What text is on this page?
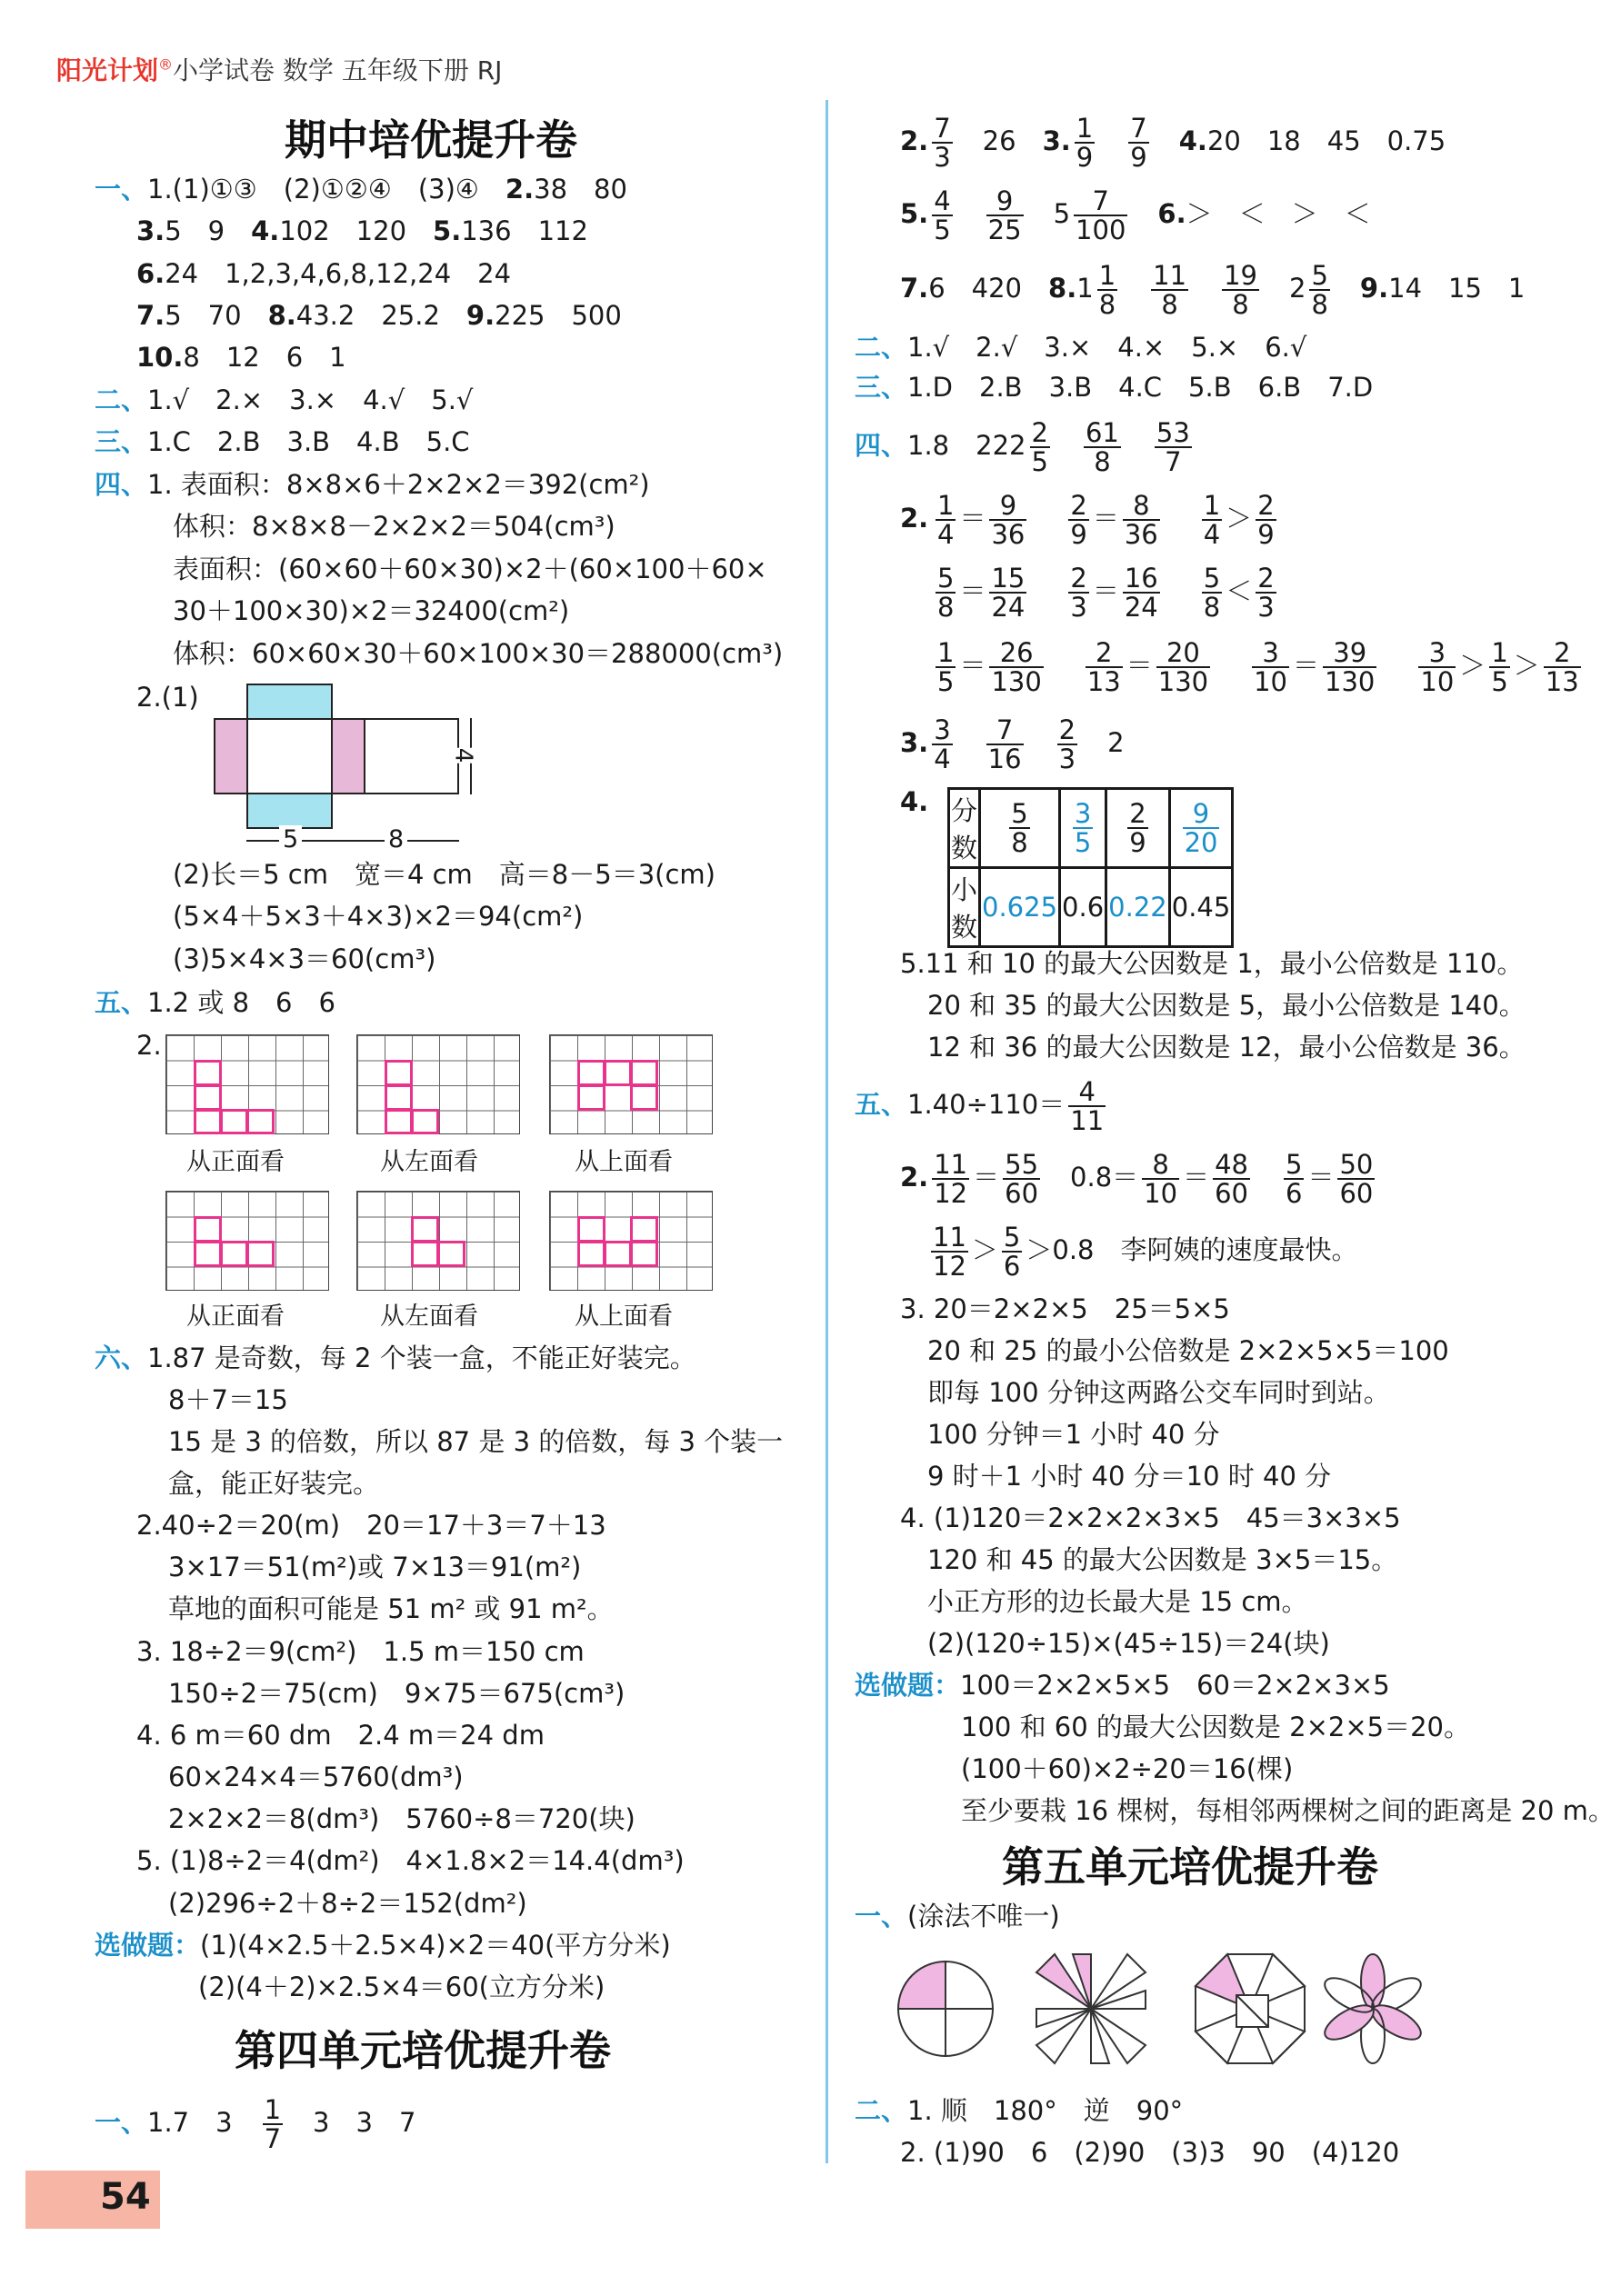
阳光计划®小学试卷 数学 五年级下册 RJ
期中培优提升卷
一、1.(1)①③　(2)①②④　(3)④　2.38　80
3.5　9　4.102　120　5.136　112
6.24　1,2,3,4,6,8,12,24　24
7.5　70　8.43.2　25.2　9.225　500
10.8　12　6　1
二、1.√　2.×　3.×　4.√　5.√
三、1.C　2.B　3.B　4.B　5.C
四、1. 表面积：8×8×6＋2×2×2＝392(cm²)
体积：8×8×8－2×2×2＝504(cm³)
表面积：(60×60＋60×30)×2＋(60×100＋60×
30＋100×30)×2＝32400(cm²)
体积：60×60×30＋60×100×30＝288000(cm³)
2.(1)
4
5	8
(2)长＝5 cm　宽＝4 cm　高＝8－5＝3(cm)
(5×4＋5×3＋4×3)×2＝94(cm²)
(3)5×4×3＝60(cm³)
五、1.2 或 8　6　6
2.
从正面看	从左面看	从上面看
从正面看	从左面看	从上面看
六、1.87 是奇数，每 2 个装一盒，不能正好装完。
8＋7＝15
15 是 3 的倍数，所以 87 是 3 的倍数，每 3 个装一
盒，能正好装完。
2.40÷2＝20(m)　20＝17＋3＝7＋13
3×17＝51(m²)或 7×13＝91(m²)
草地的面积可能是 51 m² 或 91 m²。
3. 18÷2＝9(cm²)　1.5 m＝150 cm
150÷2＝75(cm)　9×75＝675(cm³)
4. 6 m＝60 dm　2.4 m＝24 dm
60×24×4＝5760(dm³)
2×2×2＝8(dm³)　5760÷8＝720(块)
5. (1)8÷2＝4(dm²)　4×1.8×2＝14.4(dm³)
(2)296÷2＋8÷2＝152(dm²)
选做题：(1)(4×2.5＋2.5×4)×2＝40(平方分米)
(2)(4＋2)×2.5×4＝60(立方分米)
第四单元培优提升卷
一、1.7　3　 $\frac{1}{7}$ 　3　3　7
2. $\frac{7}{3}$
　 26　 3. $\frac{1}{9}$
　 $\frac{7}{9}$
　 4.20　18　45　0.75
5. $\frac{4}{5}$
　 $\frac{9}{25}$
　 $5 \frac{7}{100}$
　 6.＞　＜　＞　＜
7.6　420　 $8.1 \frac{1}{8}$
　 $\frac{11}{8}$
　 $\frac{19}{8}$
　 $2 \frac{5}{8}$
　 9.14　15　1
二、1.√　2.√　3.×　4.×　5.×　6.√
三、1.D　2.B　3.B　4.C　5.B　6.B　7.D
四、1.8　$222 \frac{2}{5}$
　 $\frac{61}{8}$
　 $\frac{53}{7}$
2. $\frac{1}{4} = \frac{9}{36} \frac{2}{9} = \frac{8}{36} \frac{1}{4} > \frac{2}{9}$
$\frac{5}{8} = \frac{15}{24} \frac{2}{3} = \frac{16}{24} \frac{5}{8} < \frac{2}{3}$
$\frac{1}{5} = \frac{26}{130} \frac{2}{13} = \frac{20}{130} \frac{3}{10} = \frac{39}{130} \frac{3}{10} > \frac{1}{5} > \frac{2}{13}$
3. $\frac{3}{4}$
　 $\frac{7}{16}$
　 $\frac{2}{3}$
　 2
4. 分数	$\frac{5}{8}$	$\frac{3}{5}$	$\frac{2}{9}$	$\frac{9}{20}$

小数	0.625	0.6	0.22	0.45
5.11 和 10 的最大公因数是 1，最小公倍数是 110。
20 和 35 的最大公因数是 5，最小公倍数是 140。
12 和 36 的最大公因数是 12，最小公倍数是 36。
五、$1.40\div 110= \frac{4}{11}$
2. $\frac{11}{12} = \frac{55}{60}$
　 $0.8= \frac{8}{10} = \frac{48}{60}$
　 $\frac{5}{6} = \frac{50}{60}$
$\frac{11}{12} > \frac{5}{6} >0.8$　李阿姨的速度最快。
3. 20＝2×2×5　25＝5×5
20 和 25 的最小公倍数是 2×2×5×5＝100
即每 100 分钟这两路公交车同时到站。
100 分钟＝1 小时 40 分
9 时＋1 小时 40 分＝10 时 40 分
4. (1)120＝2×2×2×3×5　45＝3×3×5
120 和 45 的最大公因数是 3×5＝15。
小正方形的边长最大是 15 cm。
(2)(120÷15)×(45÷15)＝24(块)
选做题：100＝2×2×5×5　60＝2×2×3×5
100 和 60 的最大公因数是 2×2×5＝20。
(100＋60)×2÷20＝16(棵)
至少要栽 16 棵树，每相邻两棵树之间的距离是 20 m。
第五单元培优提升卷
一、(涂法不唯一)
二、1. 顺　180°　逆　90°
2. (1)90　6　(2)90　(3)3　90　(4)120
54
